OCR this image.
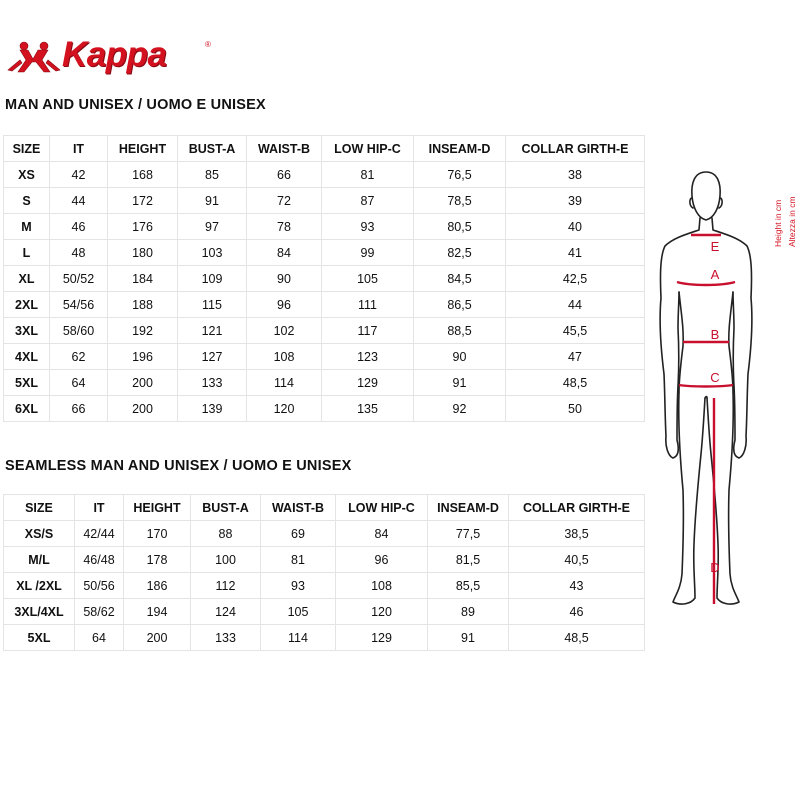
Kappa	®
MAN AND UNISEX / UOMO E UNISEX
SIZE	IT	HEIGHT	BUST-A	WAIST-B	LOW HIP-C	INSEAM-D	COLLAR GIRTH-E
XS	42	168	85	66	81	76,5	38
S	44	172	91	72	87	78,5	39
M	46	176	97	78	93	80,5	40
L	48	180	103	84	99	82,5	41
XL	50/52	184	109	90	105	84,5	42,5
2XL	54/56	188	115	96	111	86,5	44
3XL	58/60	192	121	102	117	88,5	45,5
4XL	62	196	127	108	123	90	47
5XL	64	200	133	114	129	91	48,5
6XL	66	200	139	120	135	92	50
SEAMLESS MAN AND UNISEX / UOMO E UNISEX
SIZE	IT	HEIGHT	BUST-A	WAIST-B	LOW HIP-C	INSEAM-D	COLLAR GIRTH-E
XS/S	42/44	170	88	69	84	77,5	38,5
M/L	46/48	178	100	81	96	81,5	40,5
XL /2XL	50/56	186	112	93	108	85,5	43
3XL/4XL	58/62	194	124	105	120	89	46
5XL	64	200	133	114	129	91	48,5
E
A
B
C
D
Height in cm Altezza in cm
